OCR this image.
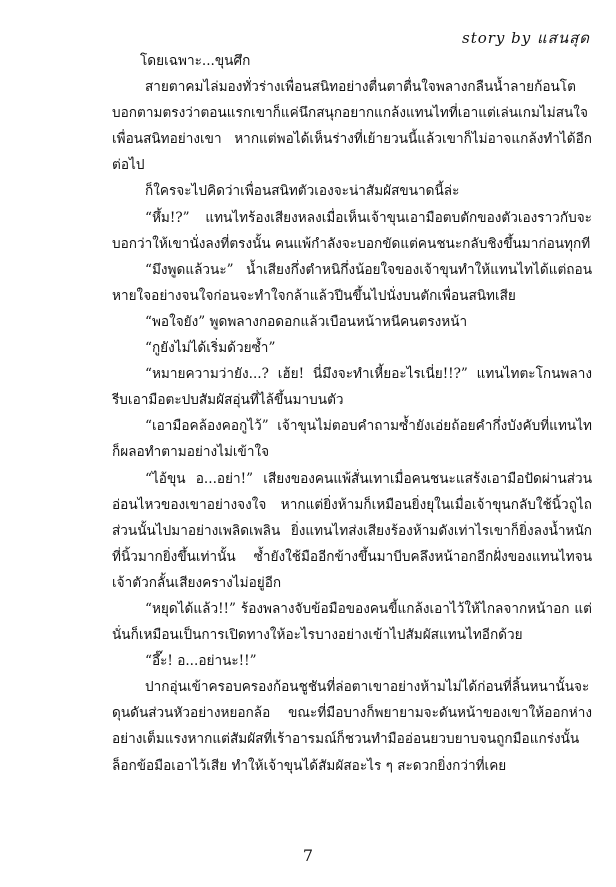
story by แสนสุด

โดยเฉพาะ...ขุนศึก

สายตาคมไล่มองทั่วร่างเพื่อนสนิทอย่างตื่นตาตื่นใจพลางกลืนน้ำลายก้อนโต บอกตามตรงว่าตอนแรกเขาก็แค่นึกสนุกอยากแกล้งแทนไทที่เอาแต่เล่นเกมไม่สนใจเพื่อนสนิทอย่างเขา หากแต่พอได้เห็นร่างที่เย้ายวนนี้แล้วเขาก็ไม่อาจแกล้งทำได้อีกต่อไป

ก็ใครจะไปคิดว่าเพื่อนสนิทตัวเองจะน่าสัมผัสขนาดนี้ล่ะ

“หึ้ม!?” แทนไทร้องเสียงหลงเมื่อเห็นเจ้าขุนเอามือตบตักของตัวเองราวกับจะบอกว่าให้เขานั่งลงที่ตรงนั้น คนแพ้กำลังจะบอกขัดแต่คนชนะกลับชิงขึ้นมาก่อนทุกที

“มึงพูดแล้วนะ” น้ำเสียงกึ่งตำหนิกึ่งน้อยใจของเจ้าขุนทำให้แทนไทได้แต่ถอนหายใจอย่างจนใจก่อนจะทำใจกล้าแล้วปีนขึ้นไปนั่งบนตักเพื่อนสนิทเสีย

“พอใจยัง” พูดพลางกอดอกแล้วเบือนหน้าหนีคนตรงหน้า

“กูยังไม่ได้เริ่มด้วยซ้ำ”

“หมายความว่ายัง...? เฮ้ย! นี่มึงจะทำเหี้ยอะไรเนี่ย!!?” แทนไทตะโกนพลางรีบเอามือตะปบสัมผัสอุ่นที่ไล้ขึ้นมาบนตัว

“เอามือคล้องคอกูไว้” เจ้าขุนไม่ตอบคำถามซ้ำยังเอ่ยถ้อยคำกึ่งบังคับที่แทนไทก็ผลอทำตามอย่างไม่เข้าใจ

“ไอ้ขุน อ...อย่า!” เสียงของคนแพ้สั่นเทาเมื่อคนชนะแสร้งเอามือปัดผ่านส่วนอ่อนไหวของเขาอย่างจงใจ หากแต่ยิ่งห้ามก็เหมือนยิ่งยุในเมื่อเจ้าขุนกลับใช้นิ้วถูไถส่วนนั้นไปมาอย่างเพลิดเพลิน ยิ่งแทนไทส่งเสียงร้องห้ามดังเท่าไรเขาก็ยิ่งลงน้ำหนักที่นิ้วมากยิ่งขึ้นเท่านั้น ซ้ำยังใช้มืออีกข้างขึ้นมาบีบคลึงหน้าอกอีกฝั่งของแทนไทจนเจ้าตัวกลั้นเสียงครางไม่อยู่อีก

“หยุดได้แล้ว!!” ร้องพลางจับข้อมือของคนขี้แกล้งเอาไว้ให้ไกลจากหน้าอก แต่นั่นก็เหมือนเป็นการเปิดทางให้อะไรบางอย่างเข้าไปสัมผัสแทนไทอีกด้วย

“อึ๊ะ! อ...อย่านะ!!”

ปากอุ่นเข้าครอบครองก้อนชูชันที่ล่อตาเขาอย่างห้ามไม่ได้ก่อนที่ลิ้นหนานั้นจะดุนดันส่วนหัวอย่างหยอกล้อ ขณะที่มือบางก็พยายามจะดันหน้าของเขาให้ออกห่างอย่างเต็มแรงหากแต่สัมผัสที่เร้าอารมณ์ก็ชวนทำมืออ่อนยวบยาบจนถูกมือแกร่งนั้นล็อกข้อมือเอาไว้เสีย ทำให้เจ้าขุนได้สัมผัสอะไร ๆ สะดวกยิ่งกว่าที่เคย

7
